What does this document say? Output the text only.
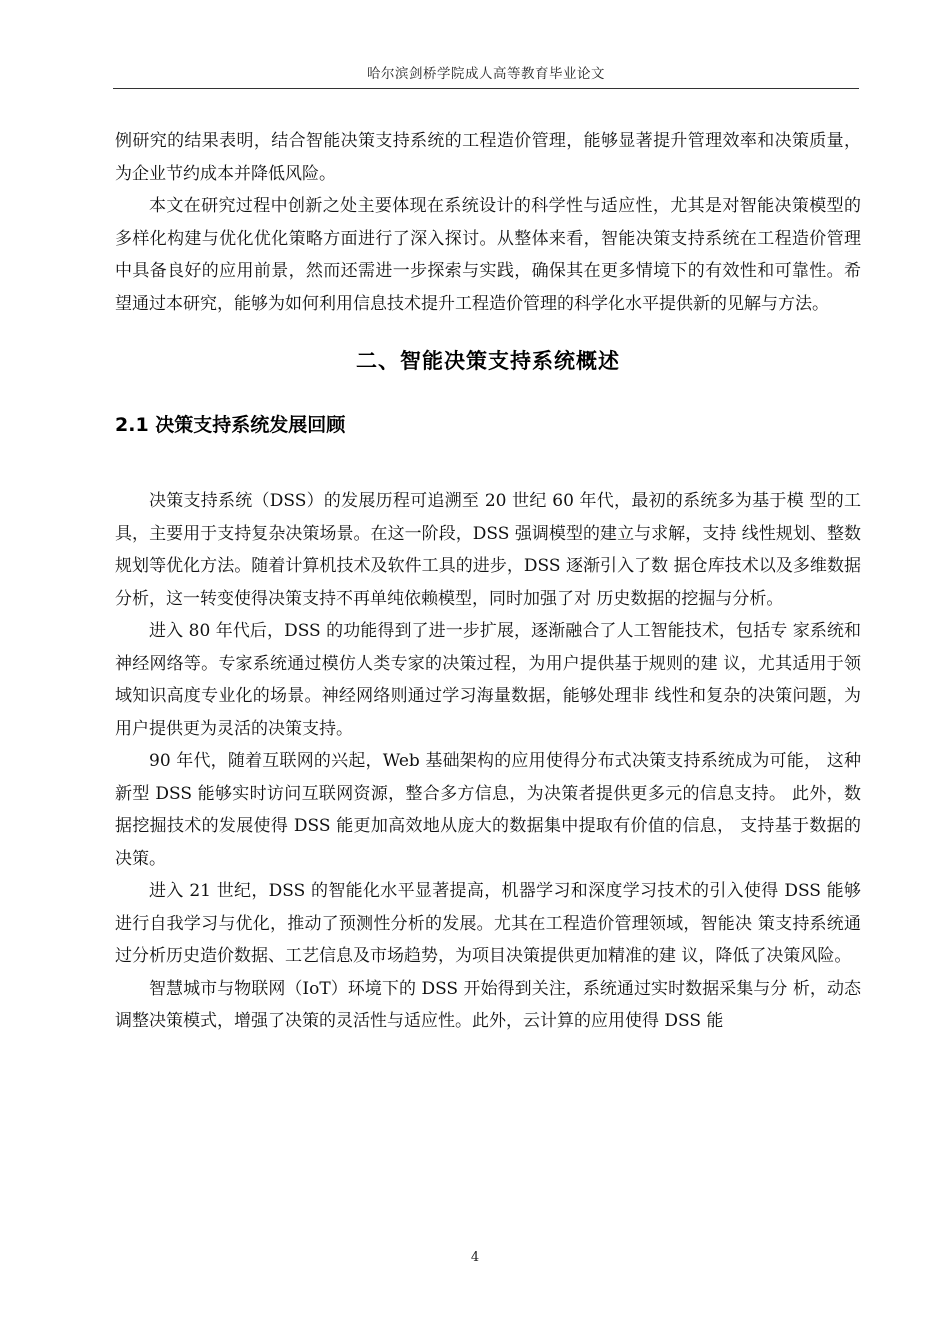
哈尔滨剑桥学院成人高等教育毕业论文

例研究的结果表明，结合智能决策支持系统的工程造价管理，能够显著提升管理效率和决策质量，为企业节约成本并降低风险。

本文在研究过程中创新之处主要体现在系统设计的科学性与适应性，尤其是对智能决策模型的多样化构建与优化优化策略方面进行了深入探讨。从整体来看，智能决策支持系统在工程造价管理中具备良好的应用前景，然而还需进一步探索与实践，确保其在更多情境下的有效性和可靠性。希望通过本研究，能够为如何利用信息技术提升工程造价管理的科学化水平提供新的见解与方法。

二、智能决策支持系统概述
2.1 决策支持系统发展回顾

决策支持系统（DSS）的发展历程可追溯至 20 世纪 60 年代，最初的系统多为基于模 型的工具，主要用于支持复杂决策场景。在这一阶段，DSS 强调模型的建立与求解，支持 线性规划、整数规划等优化方法。随着计算机技术及软件工具的进步，DSS 逐渐引入了数 据仓库技术以及多维数据分析，这一转变使得决策支持不再单纯依赖模型，同时加强了对 历史数据的挖掘与分析。

进入 80 年代后，DSS 的功能得到了进一步扩展，逐渐融合了人工智能技术，包括专 家系统和神经网络等。专家系统通过模仿人类专家的决策过程，为用户提供基于规则的建 议，尤其适用于领域知识高度专业化的场景。神经网络则通过学习海量数据，能够处理非 线性和复杂的决策问题，为用户提供更为灵活的决策支持。

90 年代，随着互联网的兴起，Web 基础架构的应用使得分布式决策支持系统成为可能， 这种新型 DSS 能够实时访问互联网资源，整合多方信息，为决策者提供更多元的信息支持。 此外，数据挖掘技术的发展使得 DSS 能更加高效地从庞大的数据集中提取有价值的信息， 支持基于数据的决策。

进入 21 世纪，DSS 的智能化水平显著提高，机器学习和深度学习技术的引入使得 DSS 能够进行自我学习与优化，推动了预测性分析的发展。尤其在工程造价管理领域，智能决 策支持系统通过分析历史造价数据、工艺信息及市场趋势，为项目决策提供更加精准的建 议，降低了决策风险。

智慧城市与物联网（IoT）环境下的 DSS 开始得到关注，系统通过实时数据采集与分 析，动态调整决策模式，增强了决策的灵活性与适应性。此外，云计算的应用使得 DSS 能

4
